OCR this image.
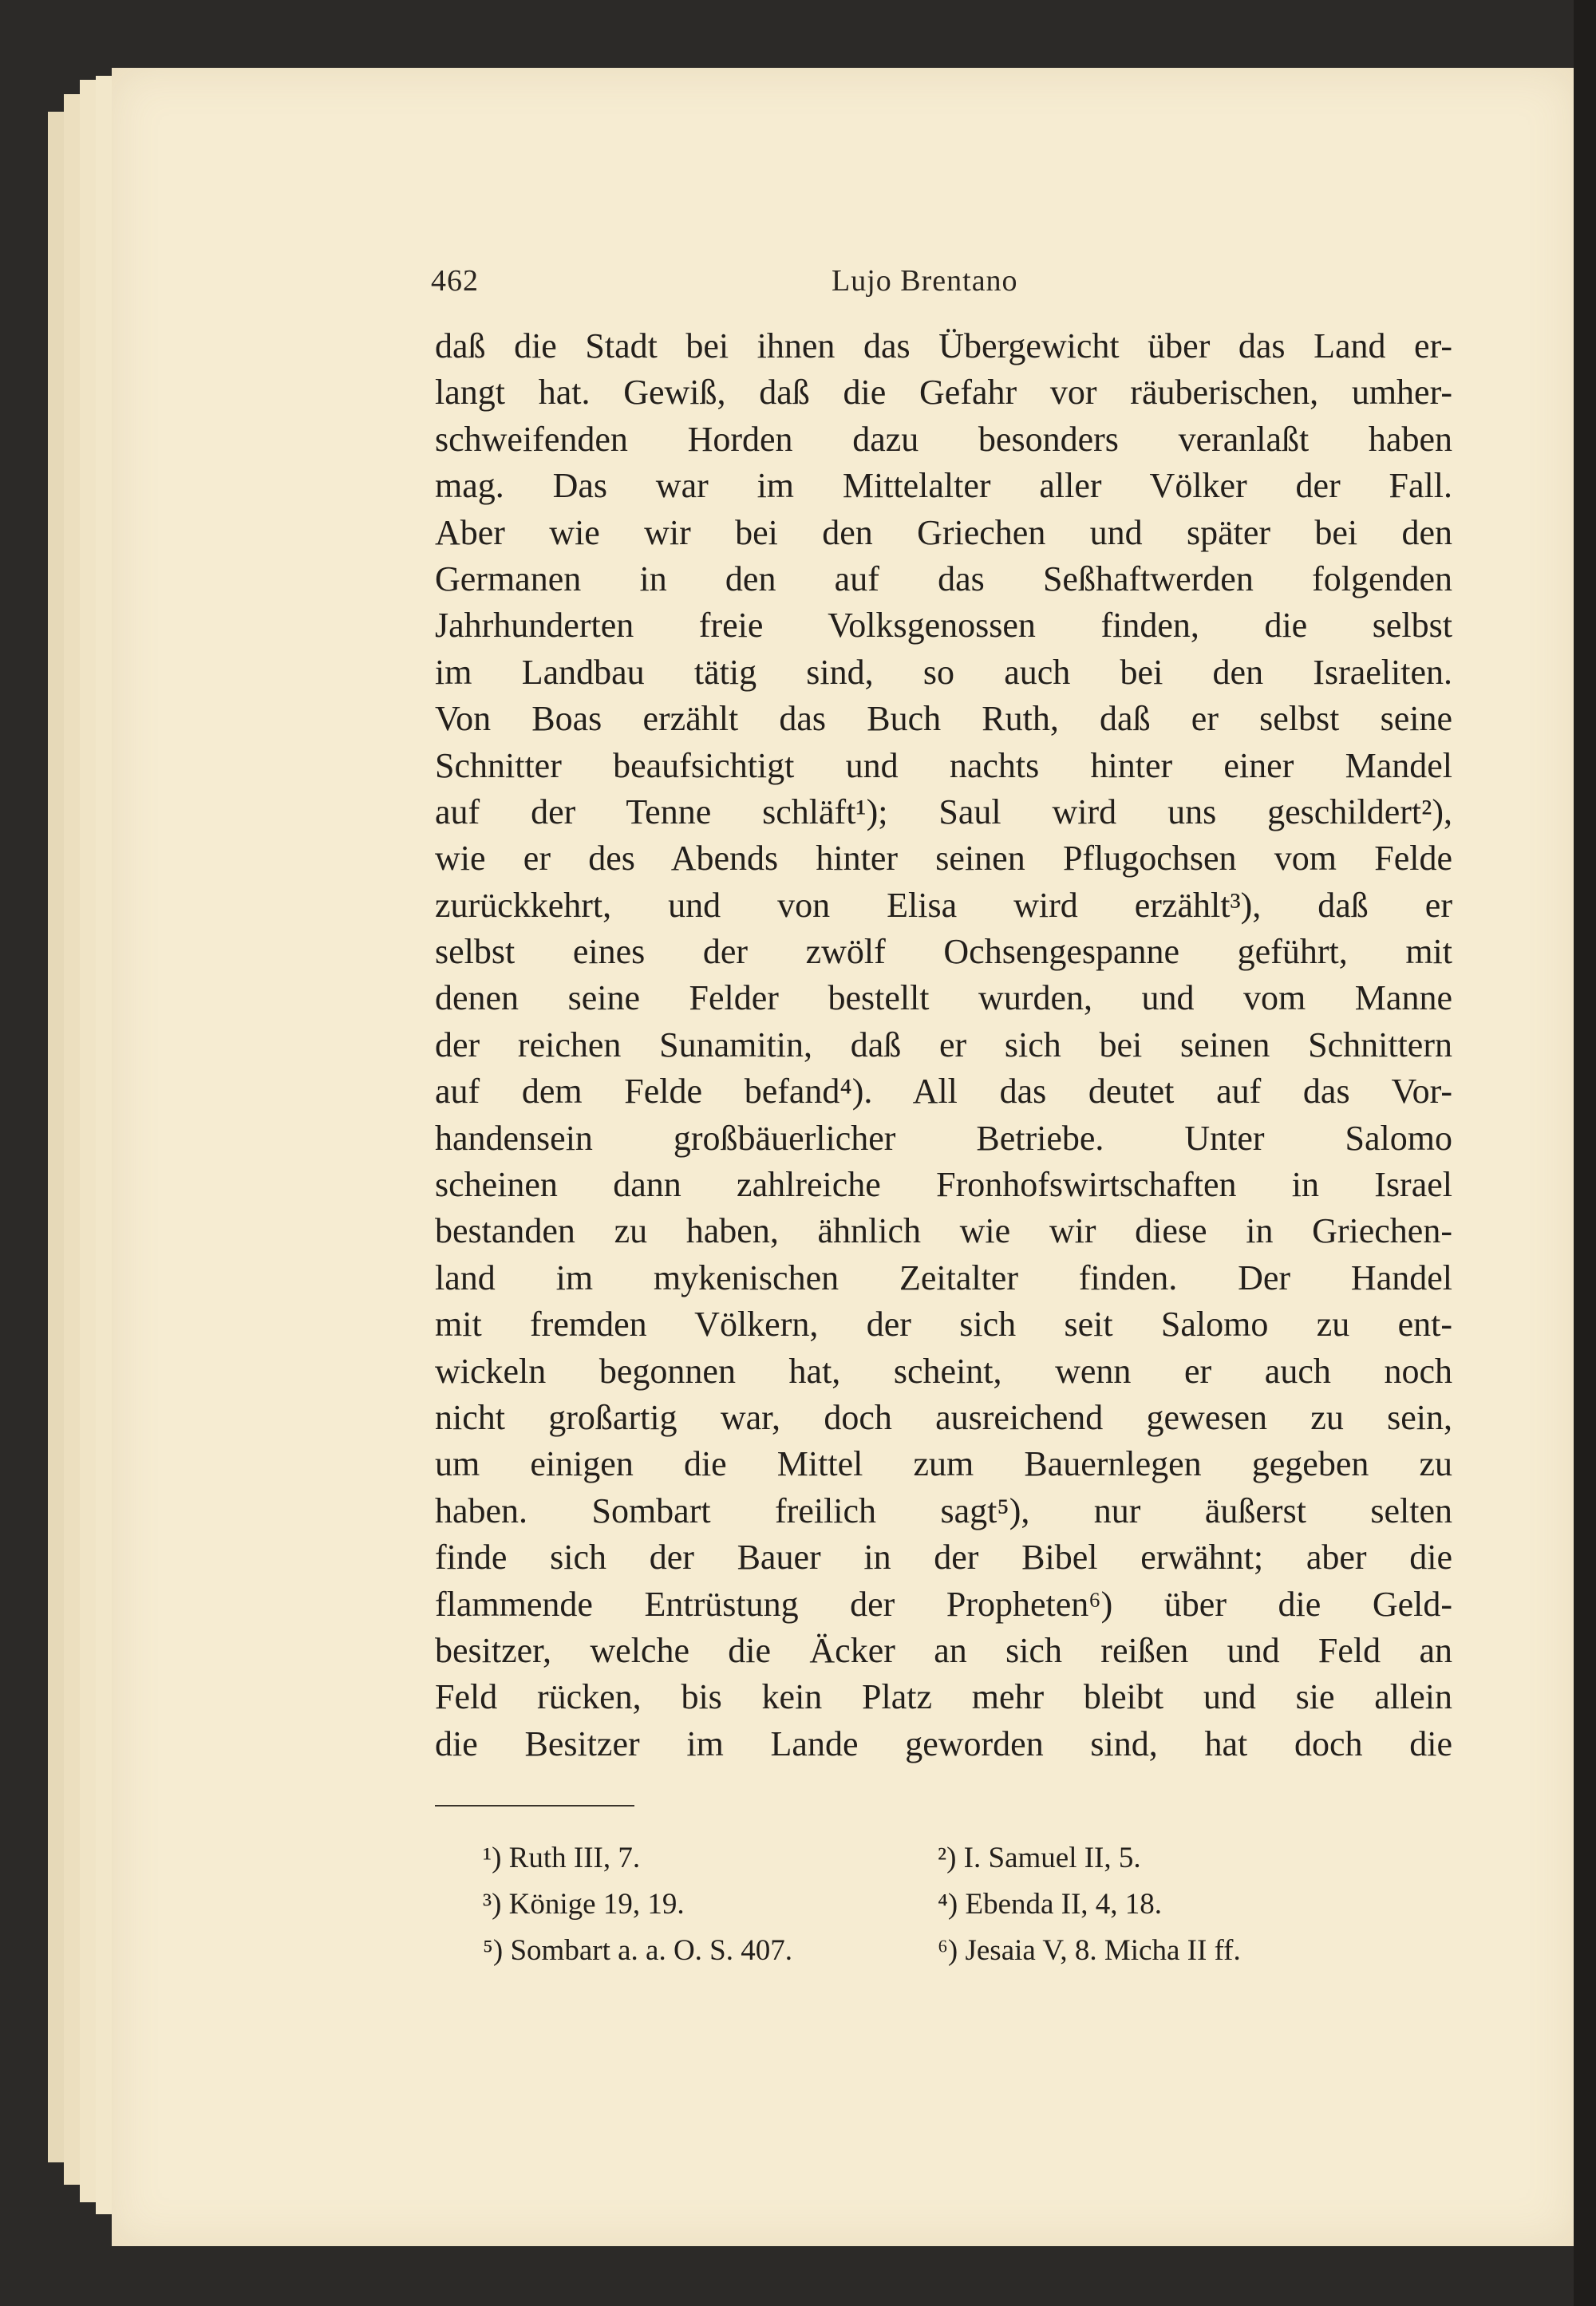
462	Lujo Brentano
daß die Stadt bei ihnen das Übergewicht über das Land er-
langt hat. Gewiß, daß die Gefahr vor räuberischen, umher-
schweifenden Horden dazu besonders veranlaßt haben
mag. Das war im Mittelalter aller Völker der Fall.
Aber wie wir bei den Griechen und später bei den
Germanen in den auf das Seßhaftwerden folgenden
Jahrhunderten freie Volksgenossen finden, die selbst
im Landbau tätig sind, so auch bei den Israeliten.
Von Boas erzählt das Buch Ruth, daß er selbst seine
Schnitter beaufsichtigt und nachts hinter einer Mandel
auf der Tenne schläft¹); Saul wird uns geschildert²),
wie er des Abends hinter seinen Pflugochsen vom Felde
zurückkehrt, und von Elisa wird erzählt³), daß er
selbst eines der zwölf Ochsengespanne geführt, mit
denen seine Felder bestellt wurden, und vom Manne
der reichen Sunamitin, daß er sich bei seinen Schnittern
auf dem Felde befand⁴). All das deutet auf das Vor-
handensein großbäuerlicher Betriebe. Unter Salomo
scheinen dann zahlreiche Fronhofswirtschaften in Israel
bestanden zu haben, ähnlich wie wir diese in Griechen-
land im mykenischen Zeitalter finden. Der Handel
mit fremden Völkern, der sich seit Salomo zu ent-
wickeln begonnen hat, scheint, wenn er auch noch
nicht großartig war, doch ausreichend gewesen zu sein,
um einigen die Mittel zum Bauernlegen gegeben zu
haben. Sombart freilich sagt⁵), nur äußerst selten
finde sich der Bauer in der Bibel erwähnt; aber die
flammende Entrüstung der Propheten⁶) über die Geld-
besitzer, welche die Äcker an sich reißen und Feld an
Feld rücken, bis kein Platz mehr bleibt und sie allein
die Besitzer im Lande geworden sind, hat doch die
¹) Ruth III, 7.	²) I. Samuel II, 5.
³) Könige 19, 19.	⁴) Ebenda II, 4, 18.
⁵) Sombart a. a. O. S. 407.	⁶) Jesaia V, 8. Micha II ff.
